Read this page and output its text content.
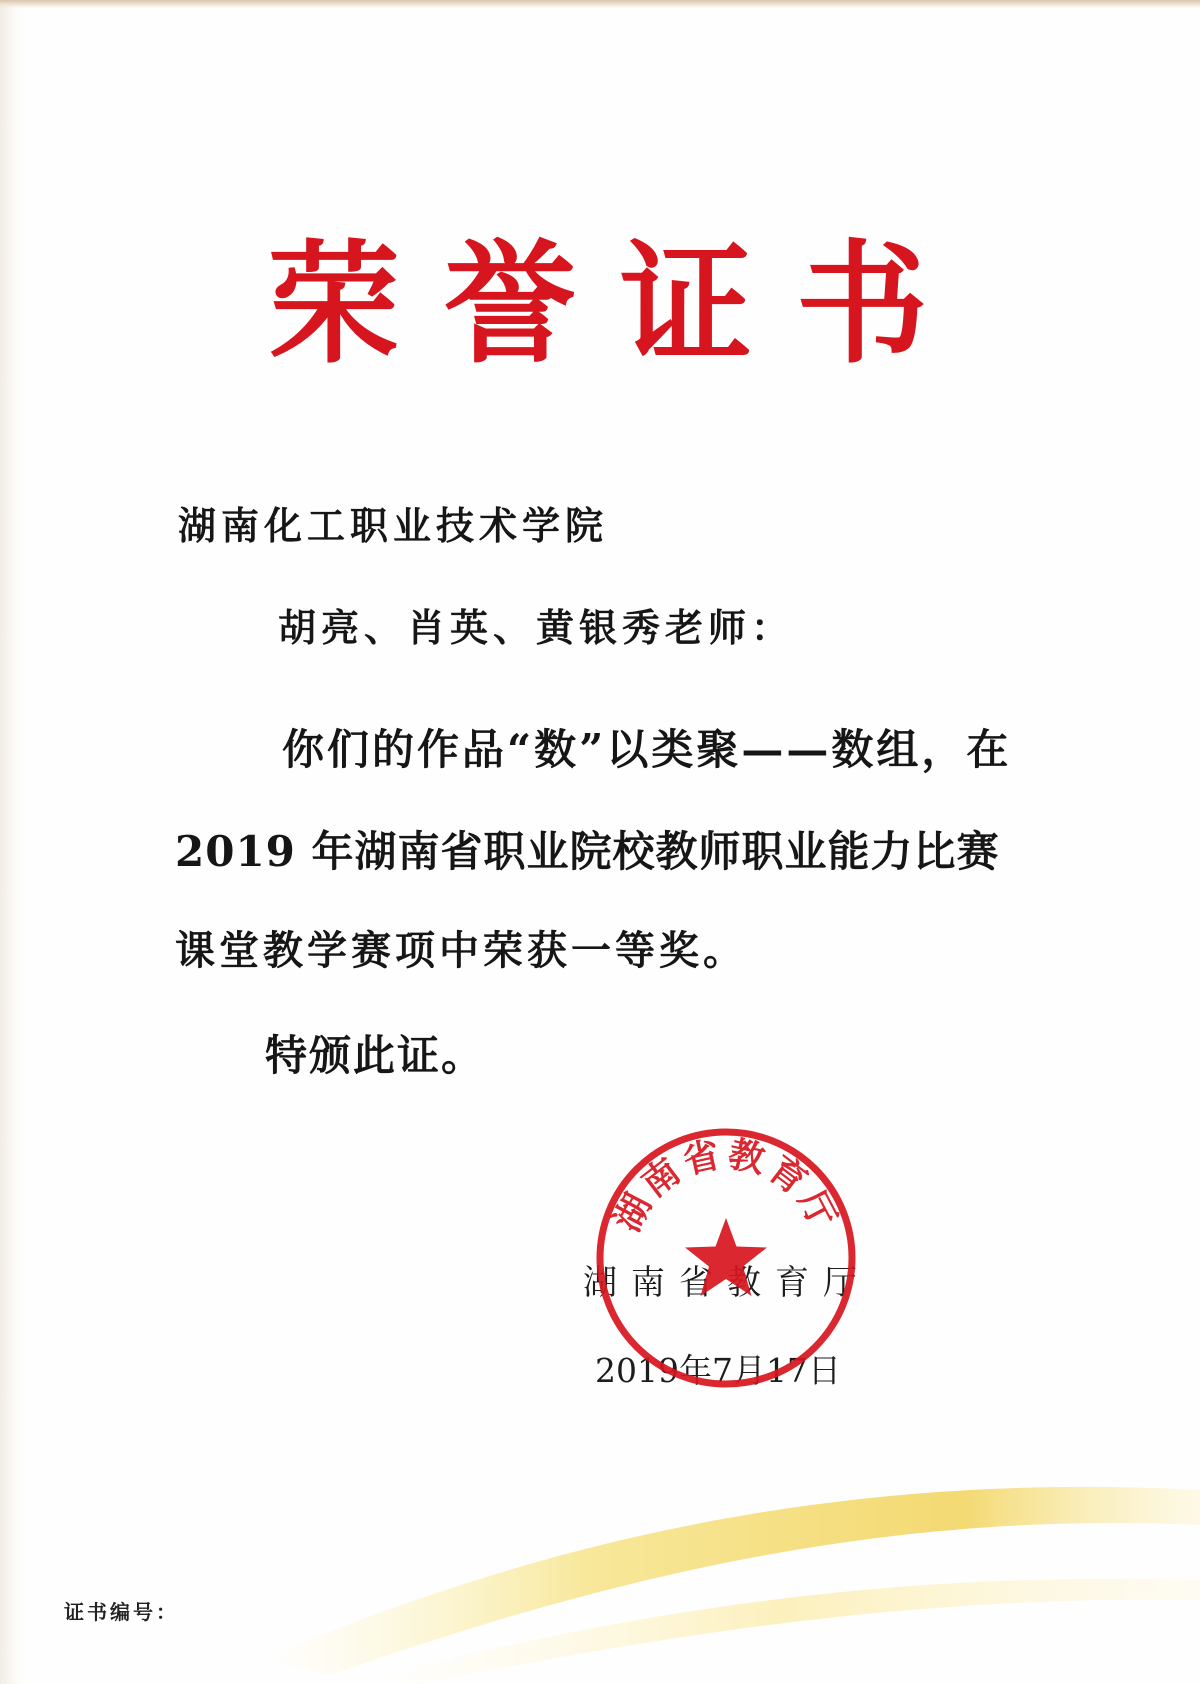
荣誉证书
湖南化工职业技术学院
胡亮、肖英、黄银秀老师：
你们的作品“数”以类聚——数组，在
2019 年湖南省职业院校教师职业能力比赛
课堂教学赛项中荣获一等奖。
特颁此证。
湖南省教育厅
2019年7月17日
湖南省教育厅
证书编号：
